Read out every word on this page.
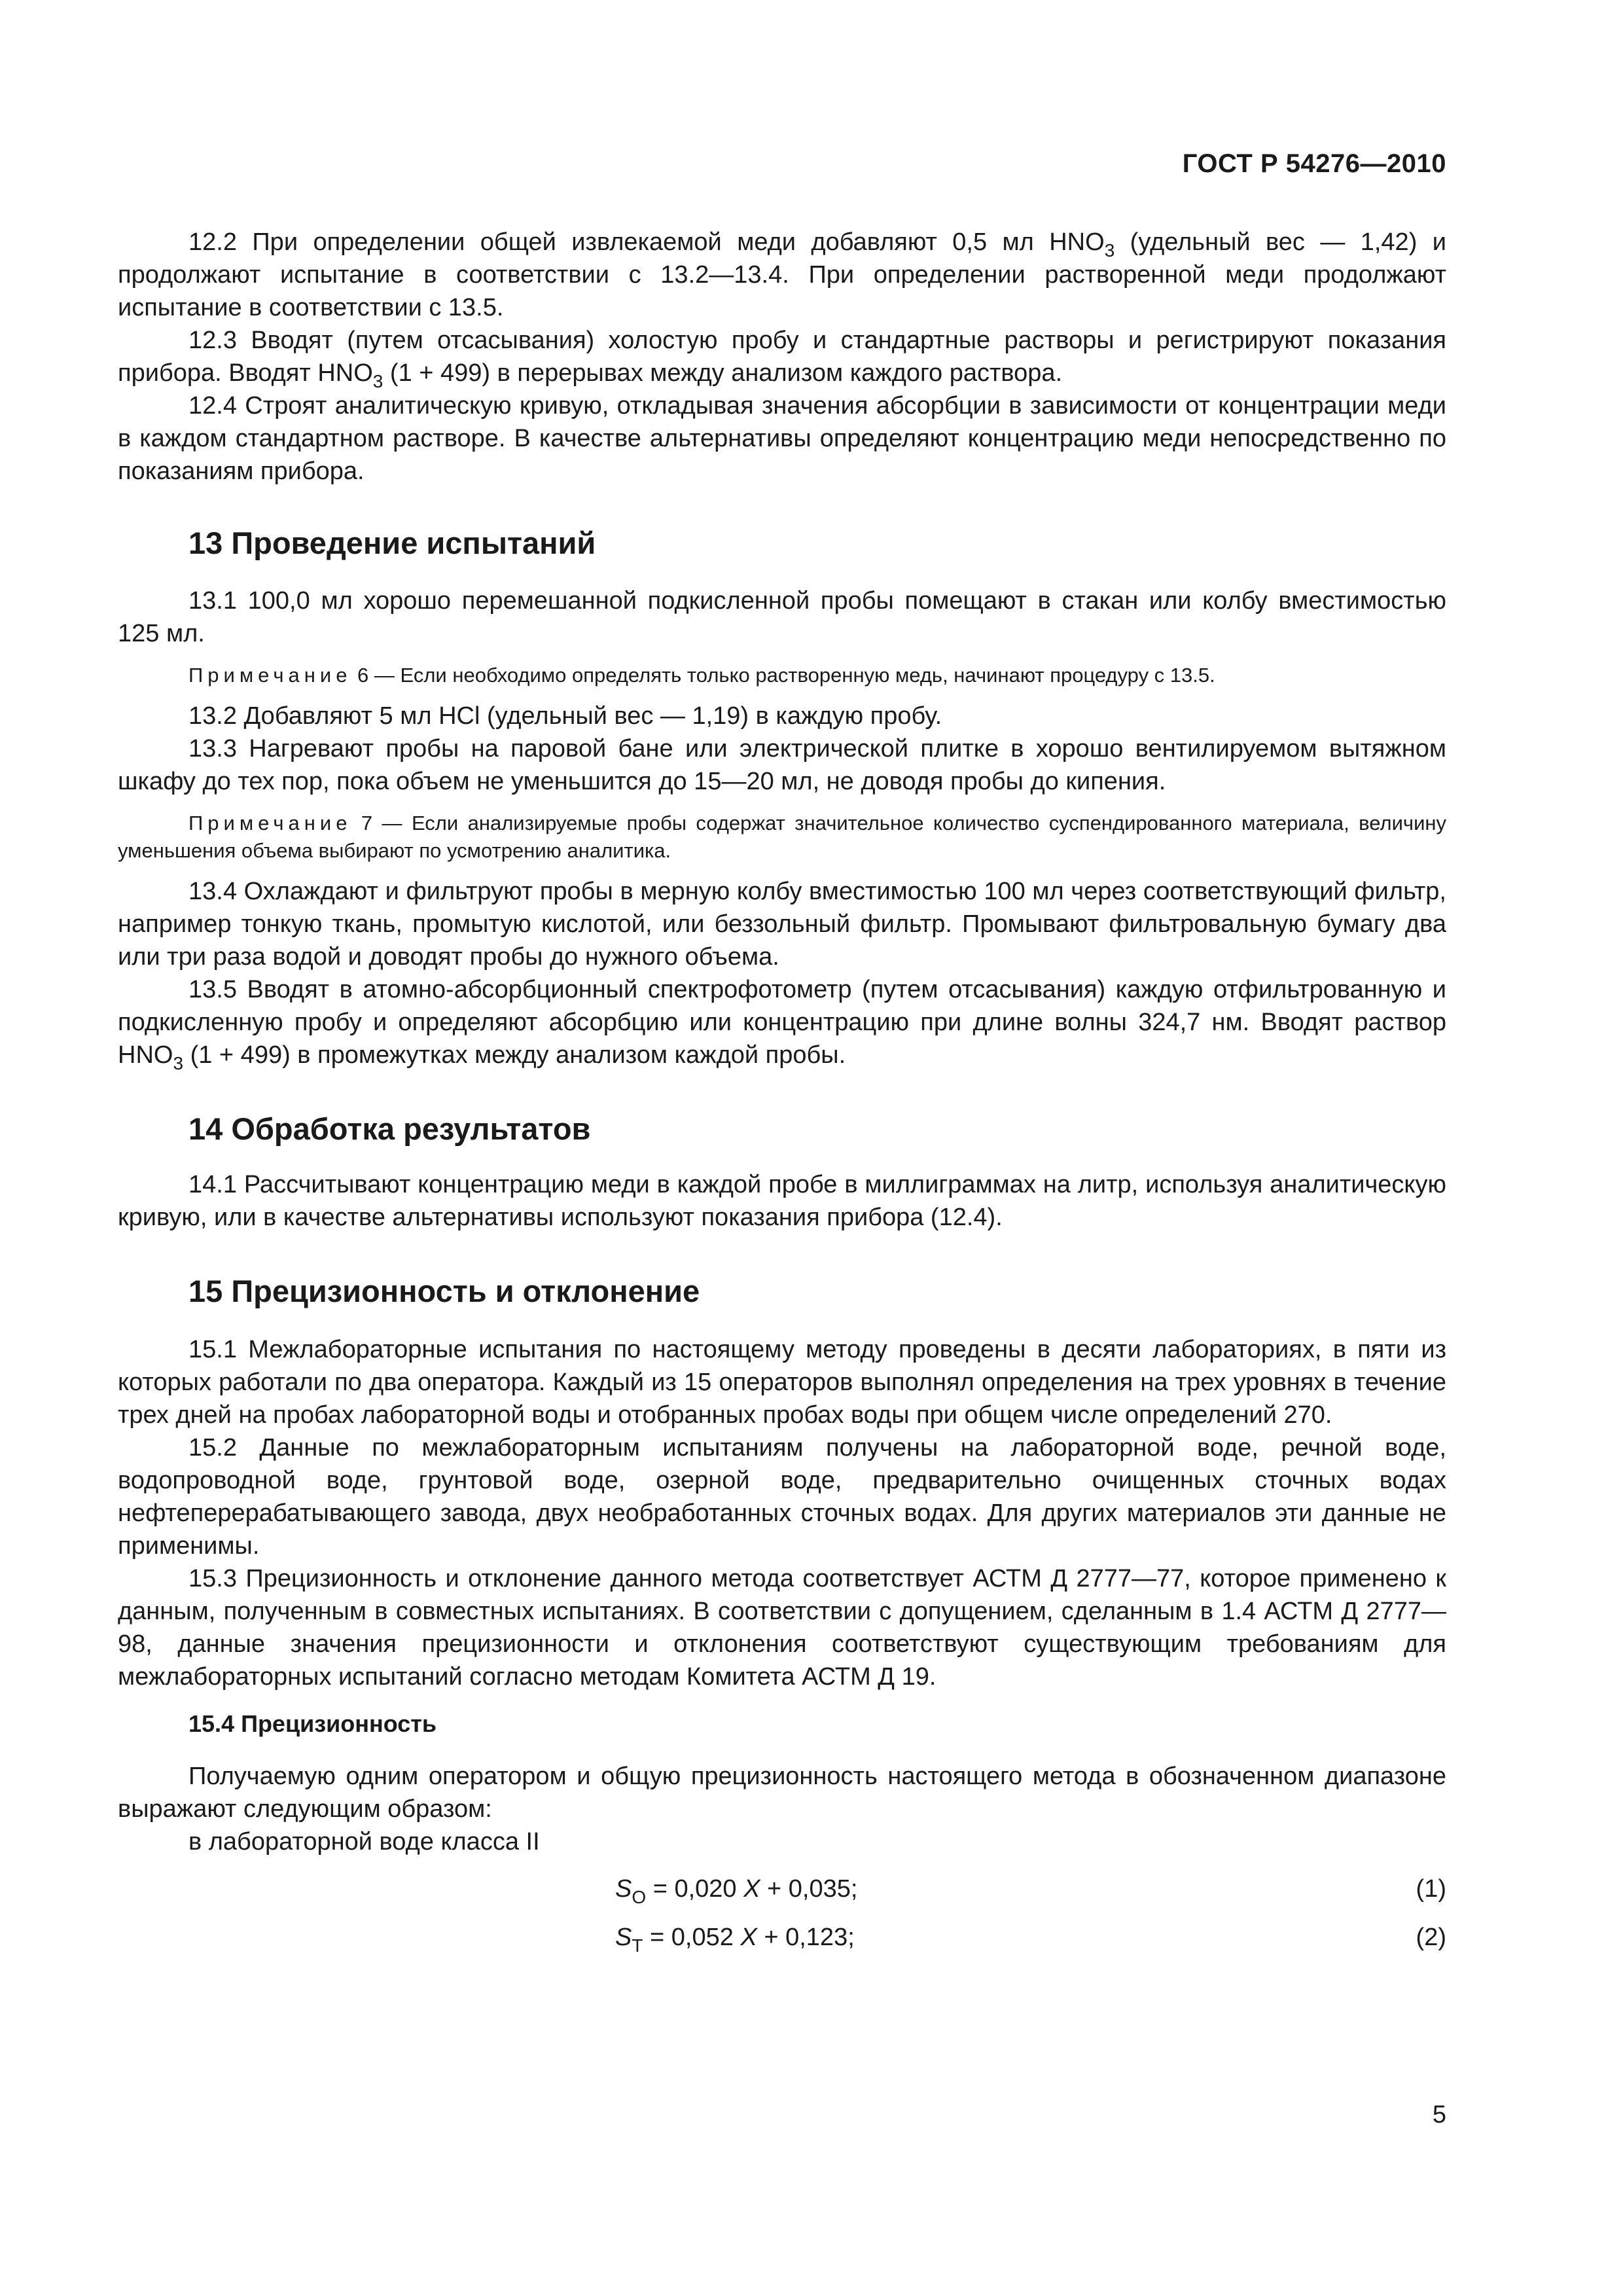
ГОСТ Р 54276—2010

12.2 При определении общей извлекаемой меди добавляют 0,5 мл $HNO_3$ (удельный вес — 1,42) и продолжают испытание в соответствии с 13.2—13.4. При определении растворенной меди продолжают испытание в соответствии с 13.5.

12.3 Вводят (путем отсасывания) холостую пробу и стандартные растворы и регистрируют показания прибора. Вводят $HNO_3$ (1 + 499) в перерывах между анализом каждого раствора.

12.4 Строят аналитическую кривую, откладывая значения абсорбции в зависимости от концентрации меди в каждом стандартном растворе. В качестве альтернативы определяют концентрацию меди непосредственно по показаниям прибора.

13 Проведение испытаний

13.1 100,0 мл хорошо перемешанной подкисленной пробы помещают в стакан или колбу вместимостью 125 мл.

Примечание 6 — Если необходимо определять только растворенную медь, начинают процедуру с 13.5.

13.2 Добавляют 5 мл HCl (удельный вес — 1,19) в каждую пробу.

13.3 Нагревают пробы на паровой бане или электрической плитке в хорошо вентилируемом вытяжном шкафу до тех пор, пока объем не уменьшится до 15—20 мл, не доводя пробы до кипения.

Примечание 7 — Если анализируемые пробы содержат значительное количество суспендированного материала, величину уменьшения объема выбирают по усмотрению аналитика.

13.4 Охлаждают и фильтруют пробы в мерную колбу вместимостью 100 мл через соответствующий фильтр, например тонкую ткань, промытую кислотой, или беззольный фильтр. Промывают фильтровальную бумагу два или три раза водой и доводят пробы до нужного объема.

13.5 Вводят в атомно-абсорбционный спектрофотометр (путем отсасывания) каждую отфильтрованную и подкисленную пробу и определяют абсорбцию или концентрацию при длине волны 324,7 нм. Вводят раствор $HNO_3$ (1 + 499) в промежутках между анализом каждой пробы.

14 Обработка результатов

14.1 Рассчитывают концентрацию меди в каждой пробе в миллиграммах на литр, используя аналитическую кривую, или в качестве альтернативы используют показания прибора (12.4).

15 Прецизионность и отклонение

15.1 Межлабораторные испытания по настоящему методу проведены в десяти лабораториях, в пяти из которых работали по два оператора. Каждый из 15 операторов выполнял определения на трех уровнях в течение трех дней на пробах лабораторной воды и отобранных пробах воды при общем числе определений 270.

15.2 Данные по межлабораторным испытаниям получены на лабораторной воде, речной воде, водопроводной воде, грунтовой воде, озерной воде, предварительно очищенных сточных водах нефтеперерабатывающего завода, двух необработанных сточных водах. Для других материалов эти данные не применимы.

15.3 Прецизионность и отклонение данного метода соответствует АСТМ Д 2777—77, которое применено к данным, полученным в совместных испытаниях. В соответствии с допущением, сделанным в 1.4 АСТМ Д 2777—98, данные значения прецизионности и отклонения соответствуют существующим требованиям для межлабораторных испытаний согласно методам Комитета АСТМ Д 19.

15.4 Прецизионность

Получаемую одним оператором и общую прецизионность настоящего метода в обозначенном диапазоне выражают следующим образом:

в лабораторной воде класса II

$S_O = 0,020$ X + 0,035;	(1)
$S_T = 0,052$ X + 0,123;	(2)
5
